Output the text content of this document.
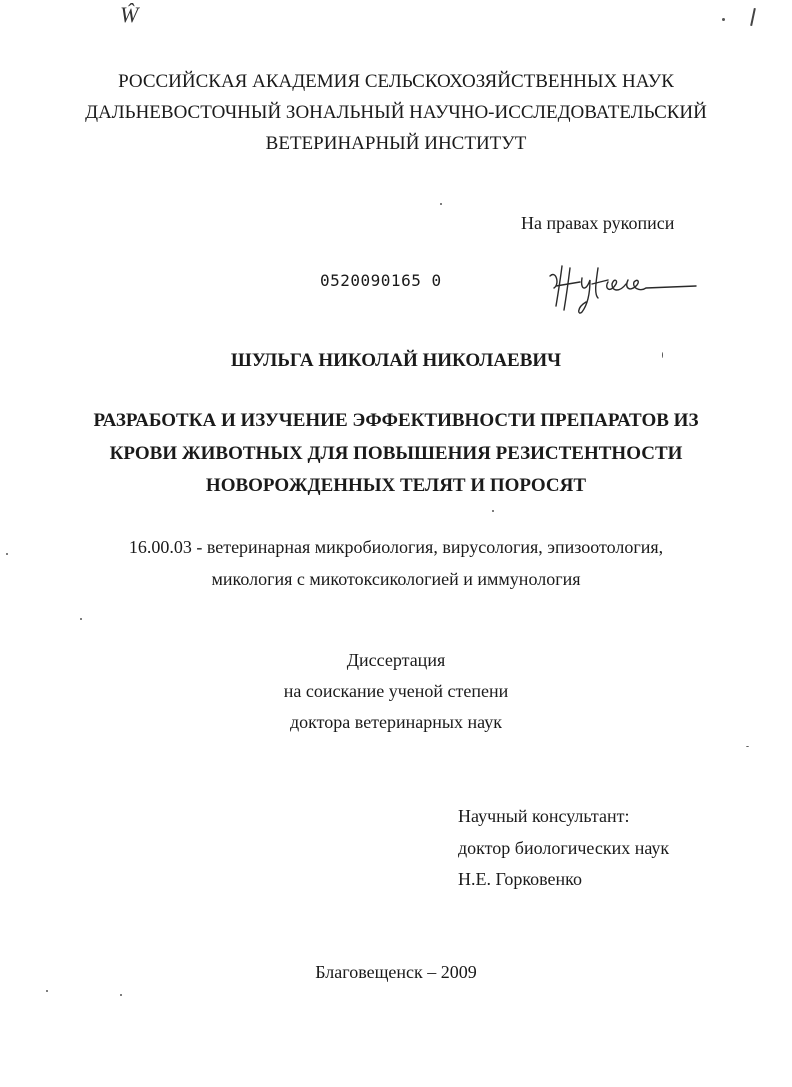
Ŵ
РОССИЙСКАЯ АКАДЕМИЯ СЕЛЬСКОХОЗЯЙСТВЕННЫХ НАУК
ДАЛЬНЕВОСТОЧНЫЙ ЗОНАЛЬНЫЙ НАУЧНО-ИССЛЕДОВАТЕЛЬСКИЙ
ВЕТЕРИНАРНЫЙ ИНСТИТУТ
На правах рукописи
0520090165 0
ШУЛЬГА НИКОЛАЙ НИКОЛАЕВИЧ
РАЗРАБОТКА И ИЗУЧЕНИЕ ЭФФЕКТИВНОСТИ ПРЕПАРАТОВ ИЗ
КРОВИ ЖИВОТНЫХ ДЛЯ ПОВЫШЕНИЯ РЕЗИСТЕНТНОСТИ
НОВОРОЖДЕННЫХ ТЕЛЯТ И ПОРОСЯТ
16.00.03 - ветеринарная микробиология, вирусология, эпизоотология,
микология с микотоксикологией и иммунология
Диссертация
на соискание ученой степени
доктора ветеринарных наук
Научный консультант:
доктор биологических наук
Н.Е. Горковенко
Благовещенск – 2009
